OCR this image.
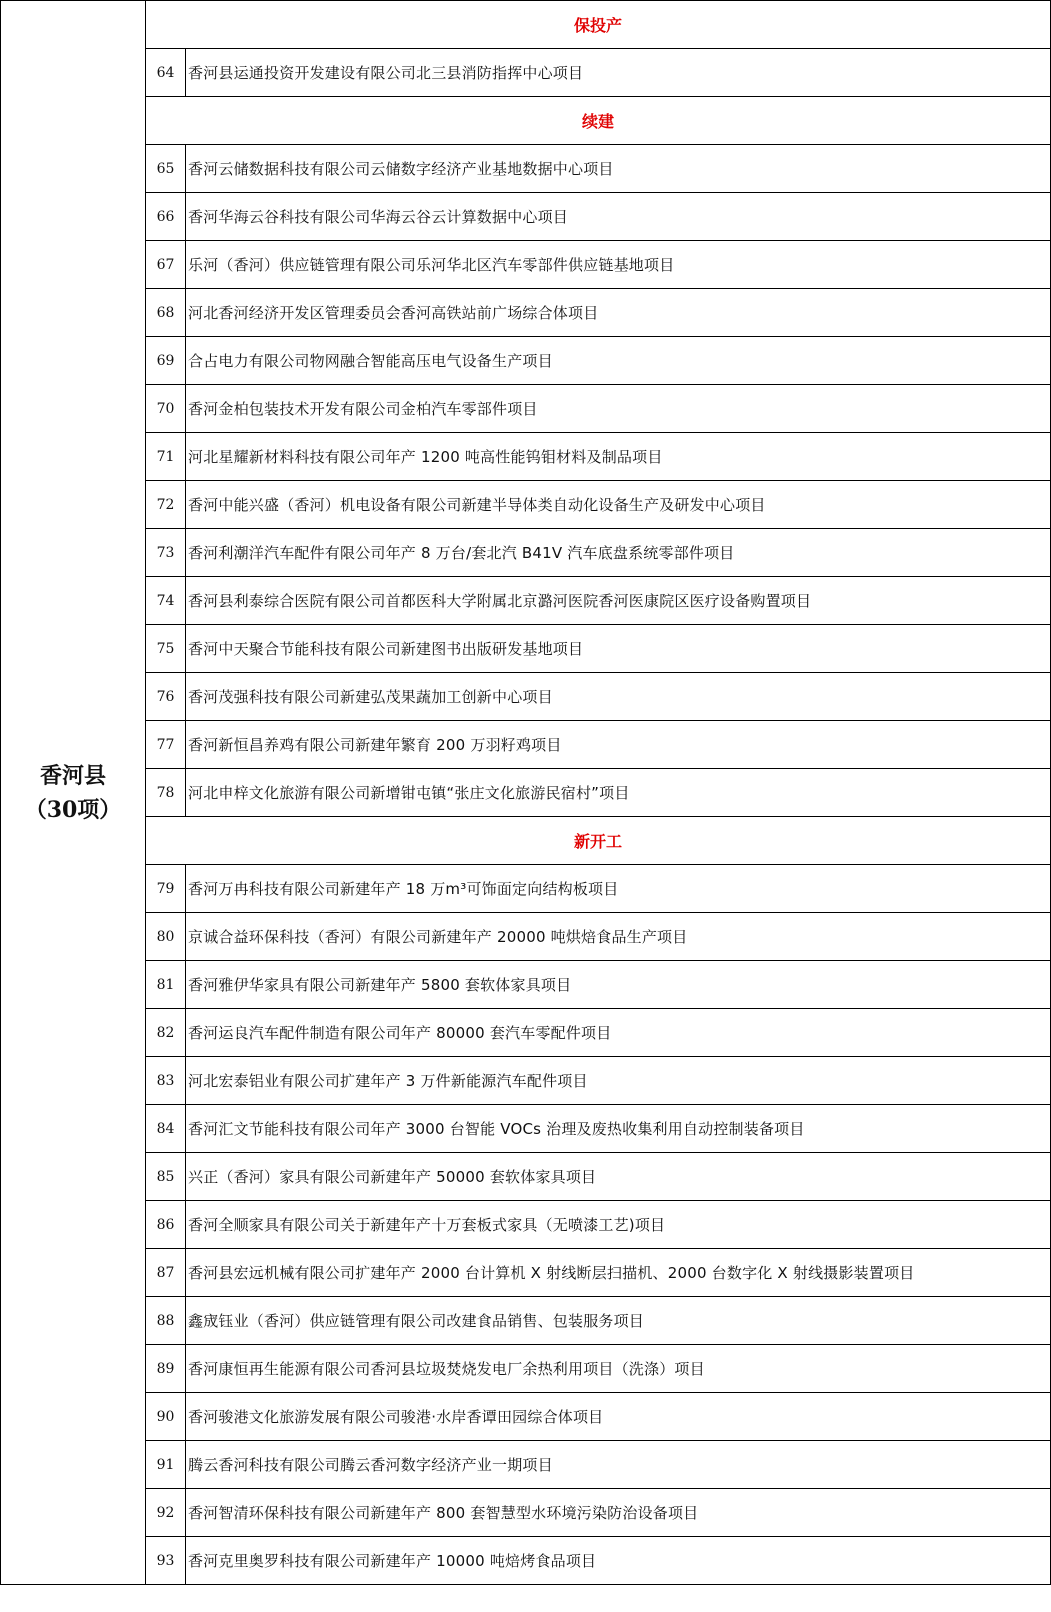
香河县
（30项）	保投产	
	64	香河县运通投资开发建设有限公司北三县消防指挥中心项目
	续建	
	65	香河云储数据科技有限公司云储数字经济产业基地数据中心项目
	66	香河华海云谷科技有限公司华海云谷云计算数据中心项目
	67	乐河（香河）供应链管理有限公司乐河华北区汽车零部件供应链基地项目
	68	河北香河经济开发区管理委员会香河高铁站前广场综合体项目
	69	合占电力有限公司物网融合智能高压电气设备生产项目
	70	香河金柏包装技术开发有限公司金柏汽车零部件项目
	71	河北星耀新材料科技有限公司年产 1200 吨高性能钨钼材料及制品项目
	72	香河中能兴盛（香河）机电设备有限公司新建半导体类自动化设备生产及研发中心项目
	73	香河利潮洋汽车配件有限公司年产 8 万台/套北汽 B41V 汽车底盘系统零部件项目
	74	香河县利泰综合医院有限公司首都医科大学附属北京潞河医院香河医康院区医疗设备购置项目
	75	香河中天聚合节能科技有限公司新建图书出版研发基地项目
	76	香河茂强科技有限公司新建弘茂果蔬加工创新中心项目
	77	香河新恒昌养鸡有限公司新建年繁育 200 万羽籽鸡项目
	78	河北申梓文化旅游有限公司新增钳屯镇“张庄文化旅游民宿村”项目
	新开工	
	79	香河万冉科技有限公司新建年产 18 万m³可饰面定向结构板项目
	80	京诚合益环保科技（香河）有限公司新建年产 20000 吨烘焙食品生产项目
	81	香河雅伊华家具有限公司新建年产 5800 套软体家具项目
	82	香河运良汽车配件制造有限公司年产 80000 套汽车零配件项目
	83	河北宏泰铝业有限公司扩建年产 3 万件新能源汽车配件项目
	84	香河汇文节能科技有限公司年产 3000 台智能 VOCs 治理及废热收集利用自动控制装备项目
	85	兴正（香河）家具有限公司新建年产 50000 套软体家具项目
	86	香河全顺家具有限公司关于新建年产十万套板式家具（无喷漆工艺)项目
	87	香河县宏远机械有限公司扩建年产 2000 台计算机 X 射线断层扫描机、2000 台数字化 X 射线摄影装置项目
	88	鑫宬钰业（香河）供应链管理有限公司改建食品销售、包装服务项目
	89	香河康恒再生能源有限公司香河县垃圾焚烧发电厂余热利用项目（洗涤）项目
	90	香河骏港文化旅游发展有限公司骏港·水岸香谭田园综合体项目
	91	腾云香河科技有限公司腾云香河数字经济产业一期项目
	92	香河智清环保科技有限公司新建年产 800 套智慧型水环境污染防治设备项目
	93	香河克里奥罗科技有限公司新建年产 10000 吨焙烤食品项目
